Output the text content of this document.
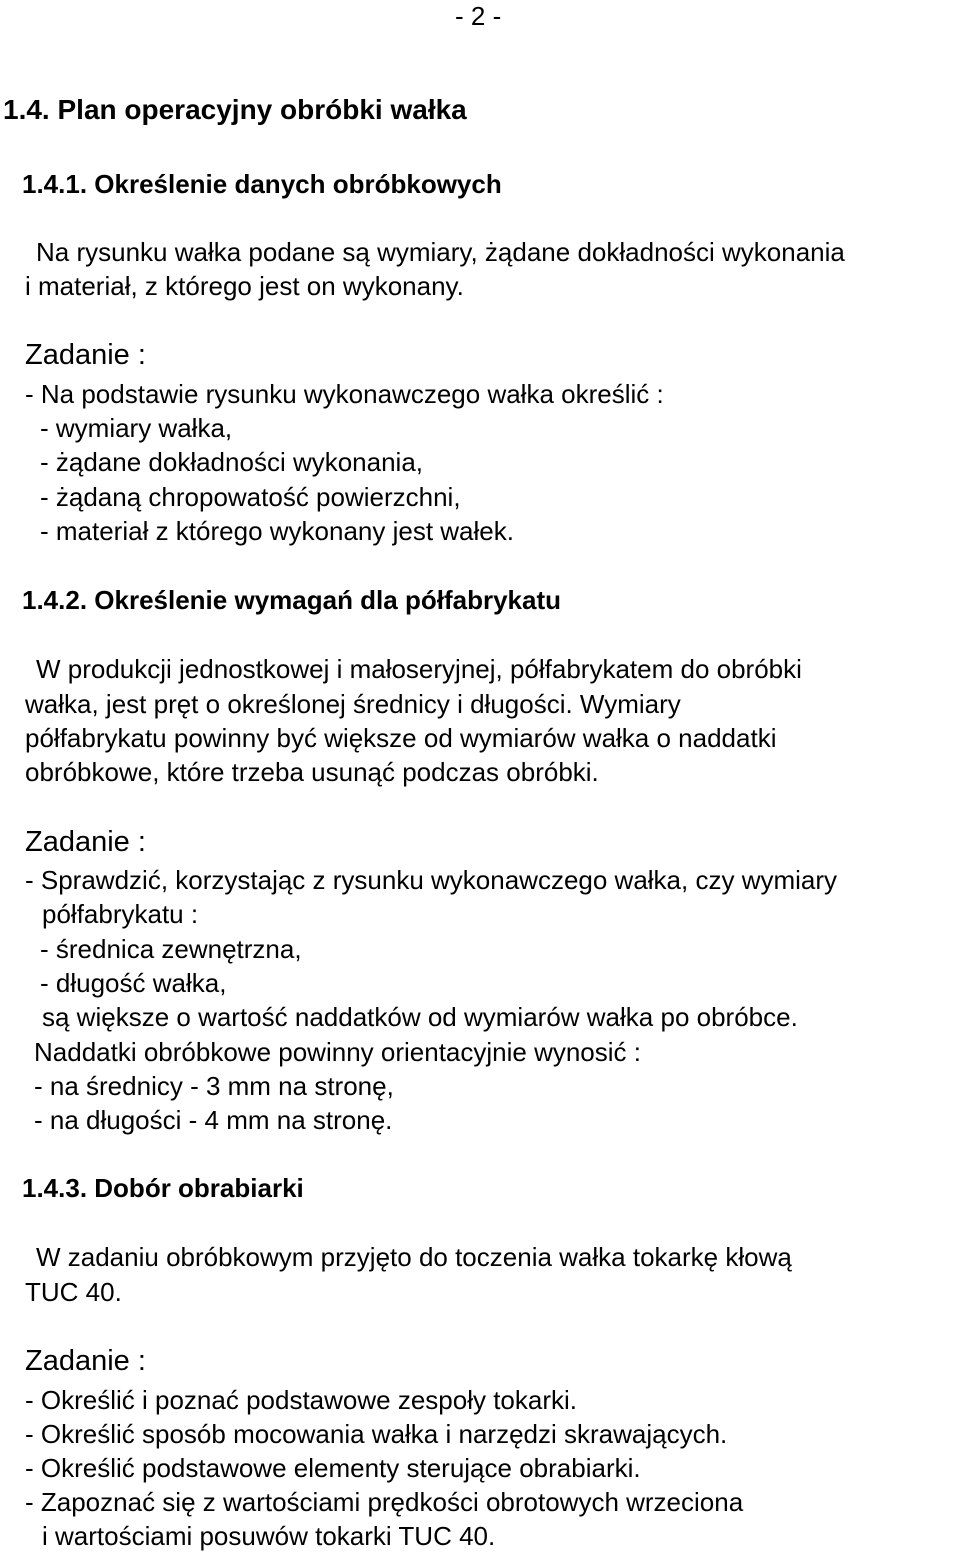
- 2 -
1.4. Plan operacyjny obróbki wałka
1.4.1. Określenie danych obróbkowych
Na rysunku wałka podane są wymiary, żądane dokładności wykonania
i materiał, z którego jest on wykonany.
Zadanie :
- Na podstawie rysunku wykonawczego wałka określić :
- wymiary wałka,
- żądane dokładności wykonania,
- żądaną chropowatość powierzchni,
- materiał z którego wykonany jest wałek.
1.4.2. Określenie wymagań dla półfabrykatu
W produkcji jednostkowej i małoseryjnej, półfabrykatem do obróbki
wałka, jest pręt o określonej średnicy i długości. Wymiary
półfabrykatu powinny być większe od wymiarów wałka o naddatki
obróbkowe, które trzeba usunąć podczas obróbki.
Zadanie :
- Sprawdzić, korzystając z rysunku wykonawczego wałka, czy wymiary
półfabrykatu :
- średnica zewnętrzna,
- długość wałka,
są większe o wartość naddatków od wymiarów wałka po obróbce.
Naddatki obróbkowe powinny orientacyjnie wynosić :
- na średnicy - 3 mm na stronę,
- na długości - 4 mm na stronę.
1.4.3. Dobór obrabiarki
W zadaniu obróbkowym przyjęto do toczenia wałka tokarkę kłową
TUC 40.
Zadanie :
- Określić i poznać podstawowe zespoły tokarki.
- Określić sposób mocowania wałka i narzędzi skrawających.
- Określić podstawowe elementy sterujące obrabiarki.
- Zapoznać się z wartościami prędkości obrotowych wrzeciona
i wartościami posuwów tokarki TUC 40.
